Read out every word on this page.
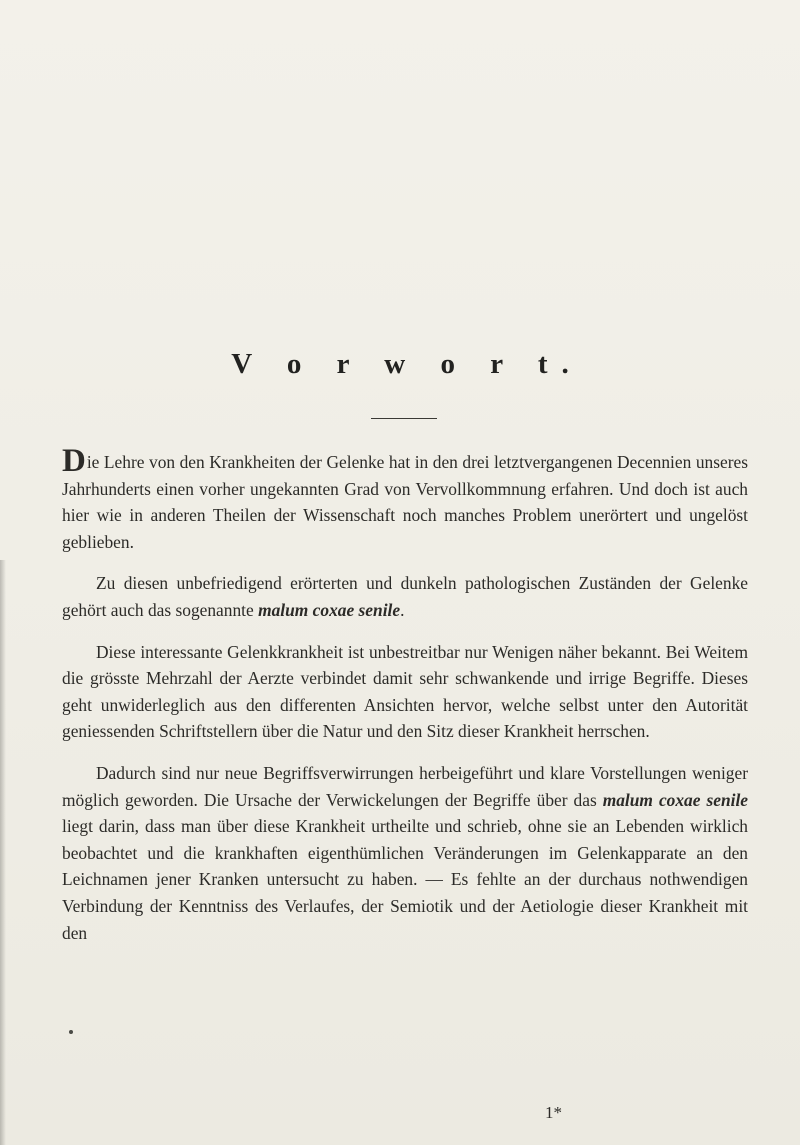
V o r w o r t.

Die Lehre von den Krankheiten der Gelenke hat in den drei letztvergangenen Decennien unseres Jahrhunderts einen vorher ungekannten Grad von Vervollkommnung erfahren. Und doch ist auch hier wie in anderen Theilen der Wissenschaft noch manches Problem unerörtert und ungelöst geblieben.

Zu diesen unbefriedigend erörterten und dunkeln pathologischen Zuständen der Gelenke gehört auch das sogenannte malum coxae senile.

Diese interessante Gelenkkrankheit ist unbestreitbar nur Wenigen näher bekannt. Bei Weitem die grösste Mehrzahl der Aerzte verbindet damit sehr schwankende und irrige Begriffe. Dieses geht unwiderleglich aus den differenten Ansichten hervor, welche selbst unter den Autorität geniessenden Schriftstellern über die Natur und den Sitz dieser Krankheit herrschen.

Dadurch sind nur neue Begriffsverwirrungen herbeigeführt und klare Vorstellungen weniger möglich geworden. Die Ursache der Verwickelungen der Begriffe über das malum coxae senile liegt darin, dass man über diese Krankheit urtheilte und schrieb, ohne sie an Lebenden wirklich beobachtet und die krankhaften eigenthümlichen Veränderungen im Gelenkapparate an den Leichnamen jener Kranken untersucht zu haben. — Es fehlte an der durchaus nothwendigen Verbindung der Kenntniss des Verlaufes, der Semiotik und der Aetiologie dieser Krankheit mit den

1*
